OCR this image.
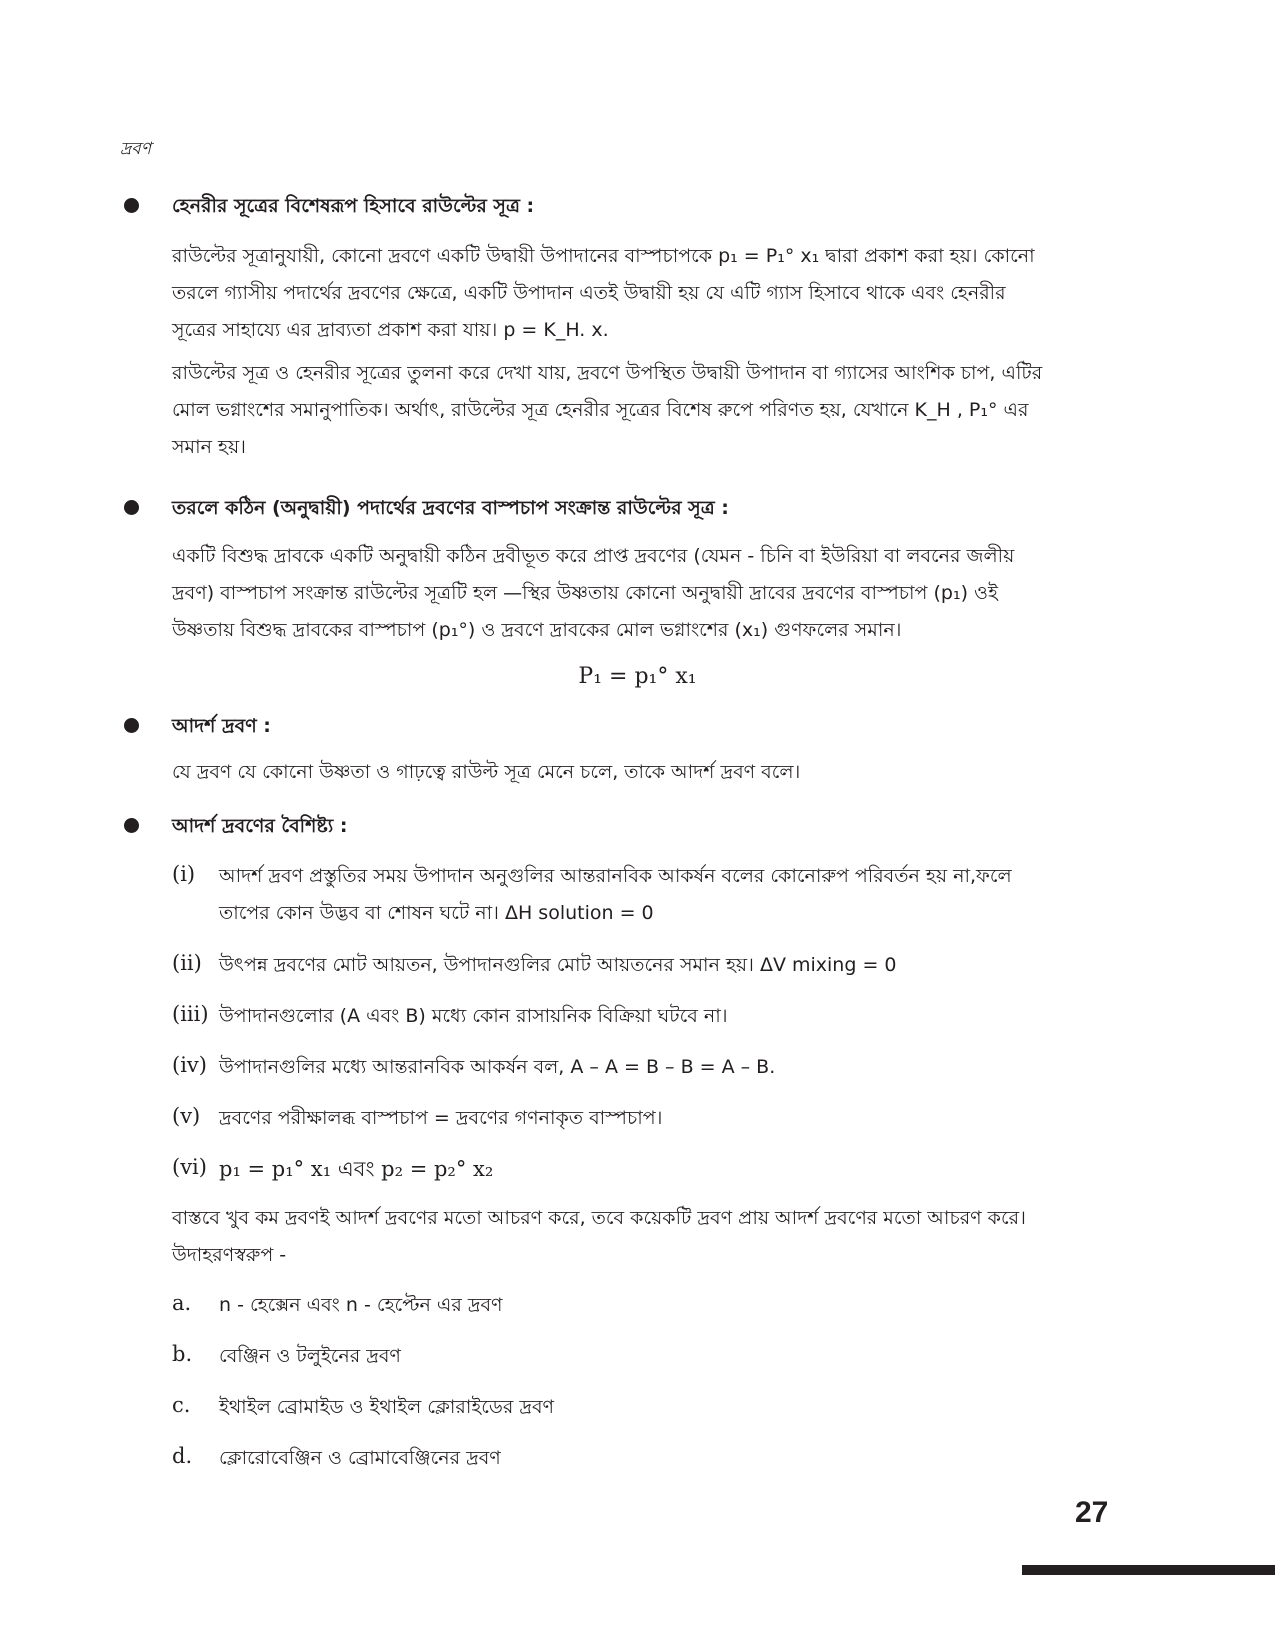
দ্রবণ
হেনরীর সূত্রের বিশেষরূপ হিসাবে রাউল্টের সূত্র :
রাউল্টের সূত্রানুযায়ী, কোনো দ্রবণে একটি উদ্বায়ী উপাদানের বাস্পচাপকে p₁ = P₁° x₁ দ্বারা প্রকাশ করা হয়। কোনো
তরলে গ্যাসীয় পদার্থের দ্রবণের ক্ষেত্রে, একটি উপাদান এতই উদ্বায়ী হয় যে এটি গ্যাস হিসাবে থাকে এবং হেনরীর
সূত্রের সাহায্যে এর দ্রাব্যতা প্রকাশ করা যায়। p = K_H. x.
রাউল্টের সূত্র ও হেনরীর সূত্রের তুলনা করে দেখা যায়, দ্রবণে উপস্থিত উদ্বায়ী উপাদান বা গ্যাসের আংশিক চাপ, এটির
মোল ভগ্নাংশের সমানুপাতিক। অর্থাৎ, রাউল্টের সূত্র হেনরীর সূত্রের বিশেষ রুপে পরিণত হয়, যেখানে K_H , P₁° এর
সমান হয়।
তরলে কঠিন (অনুদ্বায়ী) পদার্থের দ্রবণের বাস্পচাপ সংক্রান্ত রাউল্টের সূত্র :
একটি বিশুদ্ধ দ্রাবকে একটি অনুদ্বায়ী কঠিন দ্রবীভূত করে প্রাপ্ত দ্রবণের (যেমন - চিনি বা ইউরিয়া বা লবনের জলীয়
দ্রবণ) বাস্পচাপ সংক্রান্ত রাউল্টের সূত্রটি হল —স্থির উষ্ণতায় কোনো অনুদ্বায়ী দ্রাবের দ্রবণের বাস্পচাপ (p₁) ওই
উষ্ণতায় বিশুদ্ধ দ্রাবকের বাস্পচাপ (p₁°) ও দ্রবণে দ্রাবকের মোল ভগ্নাংশের (x₁) গুণফলের সমান।
P₁ = p₁° x₁
আদর্শ দ্রবণ :
যে দ্রবণ যে কোনো উষ্ণতা ও গাঢ়ত্বে রাউল্ট সূত্র মেনে চলে, তাকে আদর্শ দ্রবণ বলে।
আদর্শ দ্রবণের বৈশিষ্ট্য :
(i) আদর্শ দ্রবণ প্রস্তুতির সময় উপাদান অনুগুলির আন্তরানবিক আকর্ষন বলের কোনোরুপ পরিবর্তন হয় না,ফলে
তাপের কোন উদ্ভব বা শোষন ঘটে না। ΔH solution = 0
(ii) উৎপন্ন দ্রবণের মোট আয়তন, উপাদানগুলির মোট আয়তনের সমান হয়। ΔV mixing = 0
(iii) উপাদানগুলোর (A এবং B) মধ্যে কোন রাসায়নিক বিক্রিয়া ঘটবে না।
(iv) উপাদানগুলির মধ্যে আন্তরানবিক আকর্ষন বল, A – A = B – B = A – B.
(v) দ্রবণের পরীক্ষালব্ধ বাস্পচাপ = দ্রবণের গণনাকৃত বাস্পচাপ।
(vi) p₁ = p₁° x₁ এবং p₂ = p₂° x₂
বাস্তবে খুব কম দ্রবণই আদর্শ দ্রবণের মতো আচরণ করে, তবে কয়েকটি দ্রবণ প্রায় আদর্শ দ্রবণের মতো আচরণ করে।
উদাহরণস্বরুপ -
a. n - হেক্সেন এবং n - হেপ্টেন এর দ্রবণ
b. বেঞ্জিন ও টলুইনের দ্রবণ
c. ইথাইল ব্রোমাইড ও ইথাইল ক্লোরাইডের দ্রবণ
d. ক্লোরোবেঞ্জিন ও ব্রোমাবেঞ্জিনের দ্রবণ
27
